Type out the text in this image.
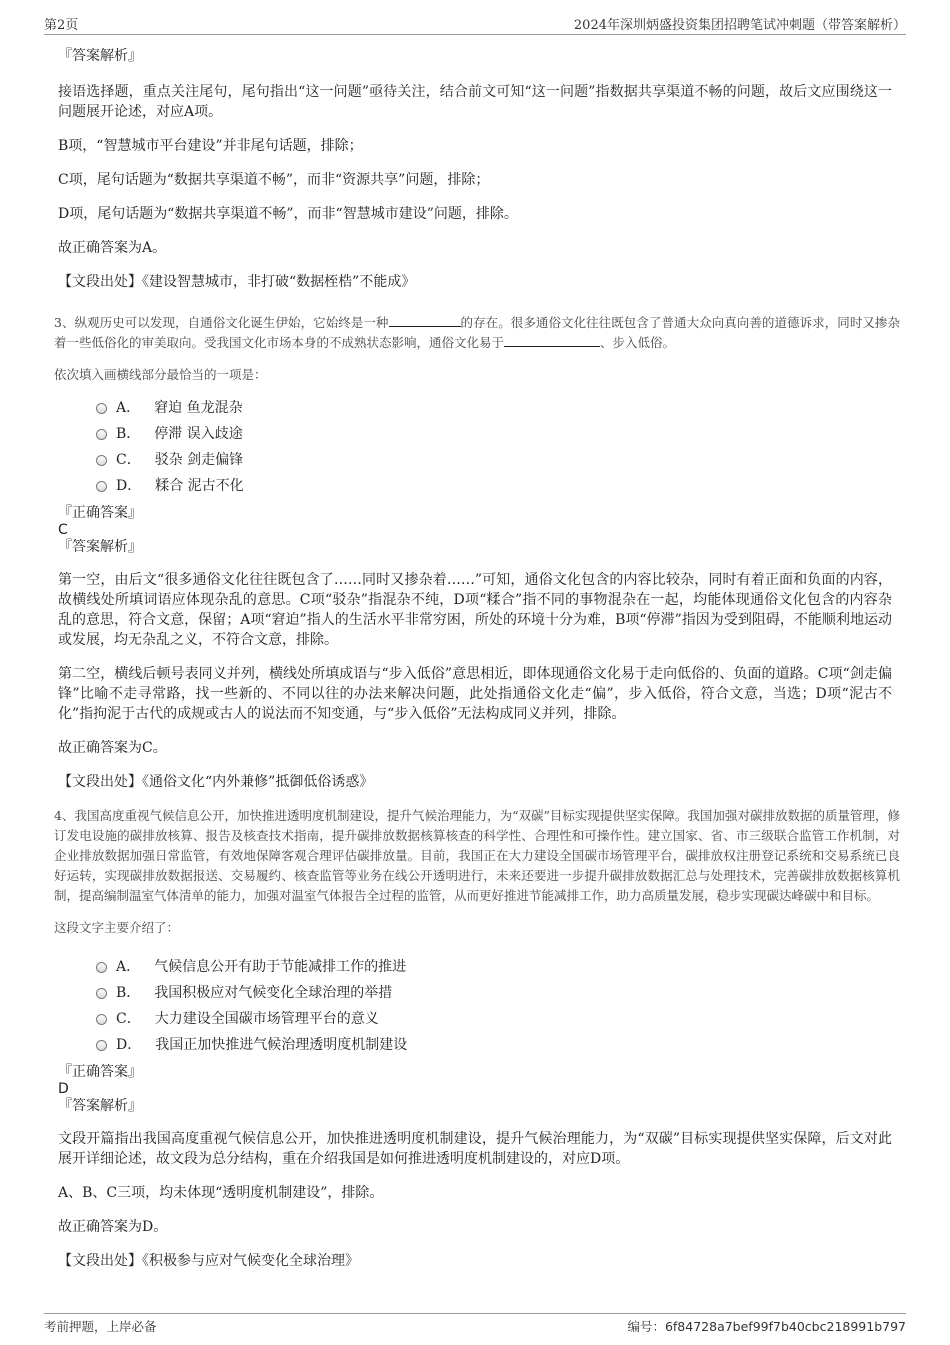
第2页	2024年深圳炳盛投资集团招聘笔试冲刺题（带答案解析）

『答案解析』

接语选择题，重点关注尾句，尾句指出“这一问题”亟待关注，结合前文可知“这一问题”指数据共享渠道不畅的问题，故后文应围绕这一问题展开论述，对应A项。

B项，“智慧城市平台建设”并非尾句话题，排除；

C项，尾句话题为“数据共享渠道不畅”，而非“资源共享”问题，排除；

D项，尾句话题为“数据共享渠道不畅”，而非“智慧城市建设”问题，排除。

故正确答案为A。

【文段出处】《建设智慧城市，非打破“数据桎梏”不能成》

3、纵观历史可以发现，自通俗文化诞生伊始，它始终是一种	的存在。很多通俗文化往往既包含了普通大众向真向善的道德诉求，同时又掺杂着一些低俗化的审美取向。受我国文化市场本身的不成熟状态影响，通俗文化易于	、步入低俗。

依次填入画横线部分最恰当的一项是：

A． 窘迫 鱼龙混杂
B． 停滞 误入歧途
C． 驳杂 剑走偏锋
D． 糅合 泥古不化

『正确答案』

C

『答案解析』

第一空，由后文“很多通俗文化往往既包含了……同时又掺杂着……”可知，通俗文化包含的内容比较杂，同时有着正面和负面的内容，故横线处所填词语应体现杂乱的意思。C项“驳杂”指混杂不纯，D项“糅合”指不同的事物混杂在一起，均能体现通俗文化包含的内容杂乱的意思，符合文意，保留；A项“窘迫”指人的生活水平非常穷困，所处的环境十分为难，B项“停滞”指因为受到阻碍，不能顺利地运动或发展，均无杂乱之义，不符合文意，排除。

第二空，横线后顿号表同义并列，横线处所填成语与“步入低俗”意思相近，即体现通俗文化易于走向低俗的、负面的道路。C项“剑走偏锋”比喻不走寻常路，找一些新的、不同以往的办法来解决问题，此处指通俗文化走“偏”，步入低俗，符合文意，当选；D项“泥古不化”指拘泥于古代的成规或古人的说法而不知变通，与“步入低俗”无法构成同义并列，排除。

故正确答案为C。

【文段出处】《通俗文化“内外兼修”抵御低俗诱惑》

4、我国高度重视气候信息公开，加快推进透明度机制建设，提升气候治理能力，为“双碳”目标实现提供坚实保障。我国加强对碳排放数据的质量管理，修订发电设施的碳排放核算、报告及核查技术指南，提升碳排放数据核算核查的科学性、合理性和可操作性。建立国家、省、市三级联合监管工作机制，对企业排放数据加强日常监管，有效地保障客观合理评估碳排放量。目前，我国正在大力建设全国碳市场管理平台，碳排放权注册登记系统和交易系统已良好运转，实现碳排放数据报送、交易履约、核查监管等业务在线公开透明进行，未来还要进一步提升碳排放数据汇总与处理技术，完善碳排放数据核算机制，提高编制温室气体清单的能力，加强对温室气体报告全过程的监管，从而更好推进节能减排工作，助力高质量发展，稳步实现碳达峰碳中和目标。

这段文字主要介绍了：

A． 气候信息公开有助于节能减排工作的推进
B． 我国积极应对气候变化全球治理的举措
C． 大力建设全国碳市场管理平台的意义
D． 我国正加快推进气候治理透明度机制建设

『正确答案』

D

『答案解析』

文段开篇指出我国高度重视气候信息公开，加快推进透明度机制建设，提升气候治理能力，为“双碳”目标实现提供坚实保障，后文对此展开详细论述，故文段为总分结构，重在介绍我国是如何推进透明度机制建设的，对应D项。

A、B、C三项，均未体现“透明度机制建设”，排除。

故正确答案为D。

【文段出处】《积极参与应对气候变化全球治理》

考前押题，上岸必备	编号：6f84728a7bef99f7b40cbc218991b797
